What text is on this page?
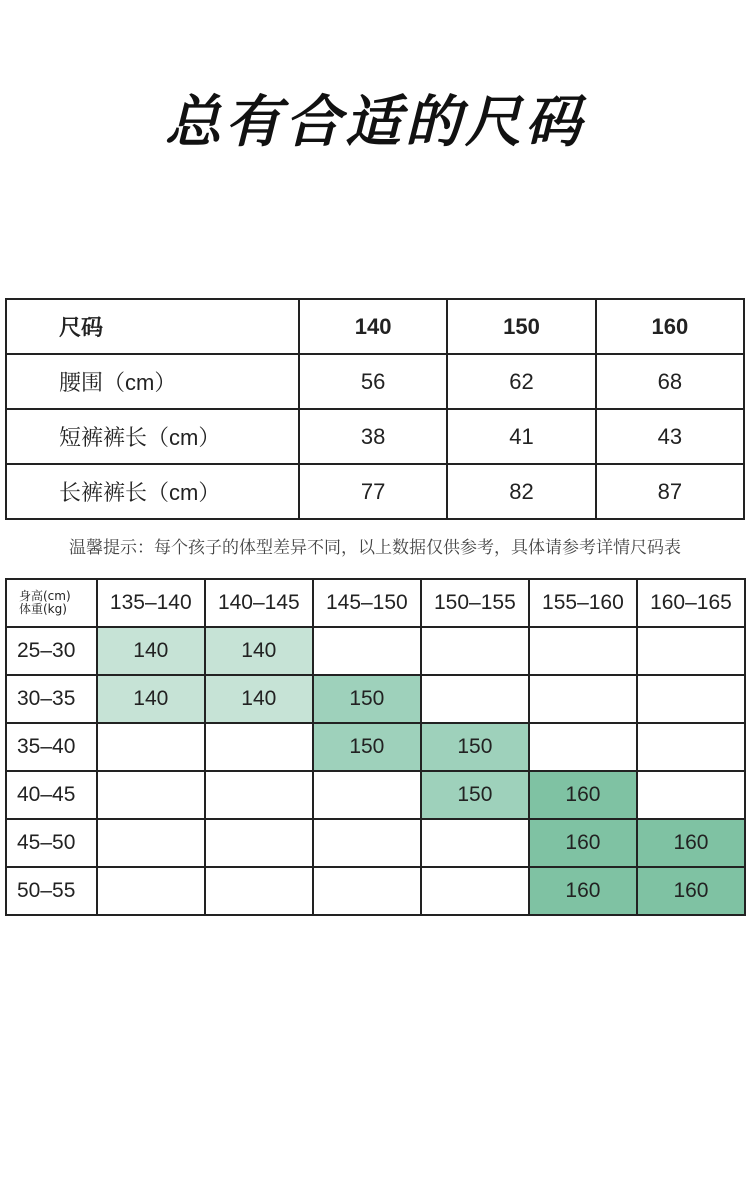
总有合适的尺码
尺码	140	150	160
腰围（cm）	56	62	68
短裤裤长（cm）	38	41	43
长裤裤长（cm）	77	82	87
温馨提示：每个孩子的体型差异不同，以上数据仅供参考，具体请参考详情尺码表
身高(cm)
体重(kg)	135–140	140–145	145–150	150–155	155–160	160–165
25–30	140	140				
30–35	140	140	150			
35–40			150	150		
40–45				150	160	
45–50					160	160
50–55					160	160
